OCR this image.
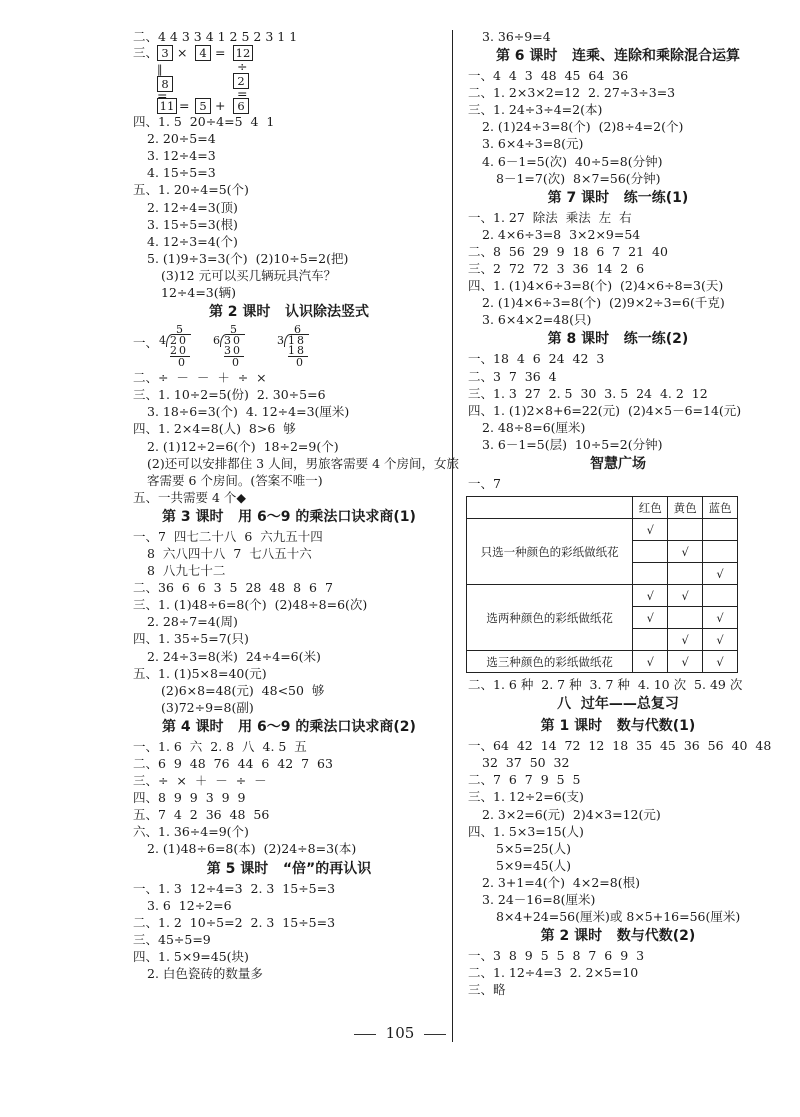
二、4 4 3 3 4 1 2 5 2 3 1 1
三、 3 ×	4 = 12
÷
‖
8	2
=
=
11 = 5 +	6
四、1. 5  20÷4=5  4  1
2. 20÷5=4
3. 12÷4=3
4. 15÷5=3
五、1. 20÷4=5(个)
2. 12÷4=3(顶)
3. 15÷5=3(根)
4. 12÷3=4(个)
5. (1)9÷3=3(个)  (2)10÷5=2(把)
(3)12 元可以买几辆玩具汽车？
12÷4=3(辆)
第 2 课时   认识除法竖式
一、
5
4 20
20
0
5
6 30
30
0
6
3 18
18
0
二、÷  －  －  ＋  ÷  ×
三、1. 10÷2=5(份)  2. 30÷5=6
3. 18÷6=3(个)  4. 12÷4=3(厘米)
四、1. 2×4=8(人)  8>6  够
2. (1)12÷2=6(个)  18÷2=9(个)
(2)还可以安排都住 3 人间，男旅客需要 4 个房间，女旅
客需要 6 个房间。(答案不唯一)
五、一共需要 4 个◆
第 3 课时   用 6～9 的乘法口诀求商(1)
一、7  四七二十八  6  六九五十四
8  六八四十八  7  七八五十六
8  八九七十二
二、36  6  6  3  5  28  48  8  6  7
三、1. (1)48÷6=8(个)  (2)48÷8=6(次)
2. 28÷7=4(周)
四、1. 35÷5=7(只)
2. 24÷3=8(米)  24÷4=6(米)
五、1. (1)5×8=40(元)
(2)6×8=48(元)  48<50  够
(3)72÷9=8(副)
第 4 课时   用 6～9 的乘法口诀求商(2)
一、1. 6  六  2. 8  八  4. 5  五
二、6  9  48  76  44  6  42  7  63
三、÷  ×  ＋  －  ÷  －
四、8  9  9  3  9  9
五、7  4  2  36  48  56
六、1. 36÷4=9(个)
2. (1)48÷6=8(本)  (2)24÷8=3(本)
第 5 课时   “倍”的再认识
一、1. 3  12÷4=3  2. 3  15÷5=3
3. 6  12÷2=6
二、1. 2  10÷5=2  2. 3  15÷5=3
三、45÷5=9
四、1. 5×9=45(块)
2. 白色瓷砖的数量多
3. 36÷9=4
第 6 课时   连乘、连除和乘除混合运算
一、4  4  3  48  45  64  36
二、1. 2×3×2=12  2. 27÷3÷3=3
三、1. 24÷3÷4=2(本)
2. (1)24÷3=8(个)  (2)8÷4=2(个)
3. 6×4÷3=8(元)
4. 6－1=5(次)  40÷5=8(分钟)
8－1=7(次)  8×7=56(分钟)
第 7 课时   练一练(1)
一、1. 27  除法  乘法  左  右
2. 4×6÷3=8  3×2×9=54
二、8  56  29  9  18  6  7  21  40
三、2  72  72  3  36  14  2  6
四、1. (1)4×6÷3=8(个)  (2)4×6÷8=3(天)
2. (1)4×6÷3=8(个)  (2)9×2÷3=6(千克)
3. 6×4×2=48(只)
第 8 课时   练一练(2)
一、18  4  6  24  42  3
二、3  7  36  4
三、1. 3  27  2. 5  30  3. 5  24  4. 2  12
四、1. (1)2×8+6=22(元)  (2)4×5－6=14(元)
2. 48÷8=6(厘米)
3. 6－1=5(层)  10÷5=2(分钟)
智慧广场
一、7
	红色	黄色	蓝色
只选一种颜色的彩纸做纸花	√		
		√	
			√
选两种颜色的彩纸做纸花	√	√	
	√		√
		√	√
选三种颜色的彩纸做纸花	√	√	√
二、1. 6 种  2. 7 种  3. 7 种  4. 10 次  5. 49 次
八  过年——总复习
第 1 课时   数与代数(1)
一、64  42  14  72  12  18  35  45  36  56  40  48
32  37  50  32
二、7  6  7  9  5  5
三、1. 12÷2=6(支)
2. 3×2=6(元)  2)4×3=12(元)
四、1. 5×3=15(人)
5×5=25(人)
5×9=45(人)
2. 3+1=4(个)  4×2=8(根)
3. 24－16=8(厘米)
8×4+24=56(厘米)或 8×5+16=56(厘米)
第 2 课时   数与代数(2)
一、3  8  9  5  5  8  7  6  9  3
二、1. 12÷4=3  2. 2×5=10
三、略
105
